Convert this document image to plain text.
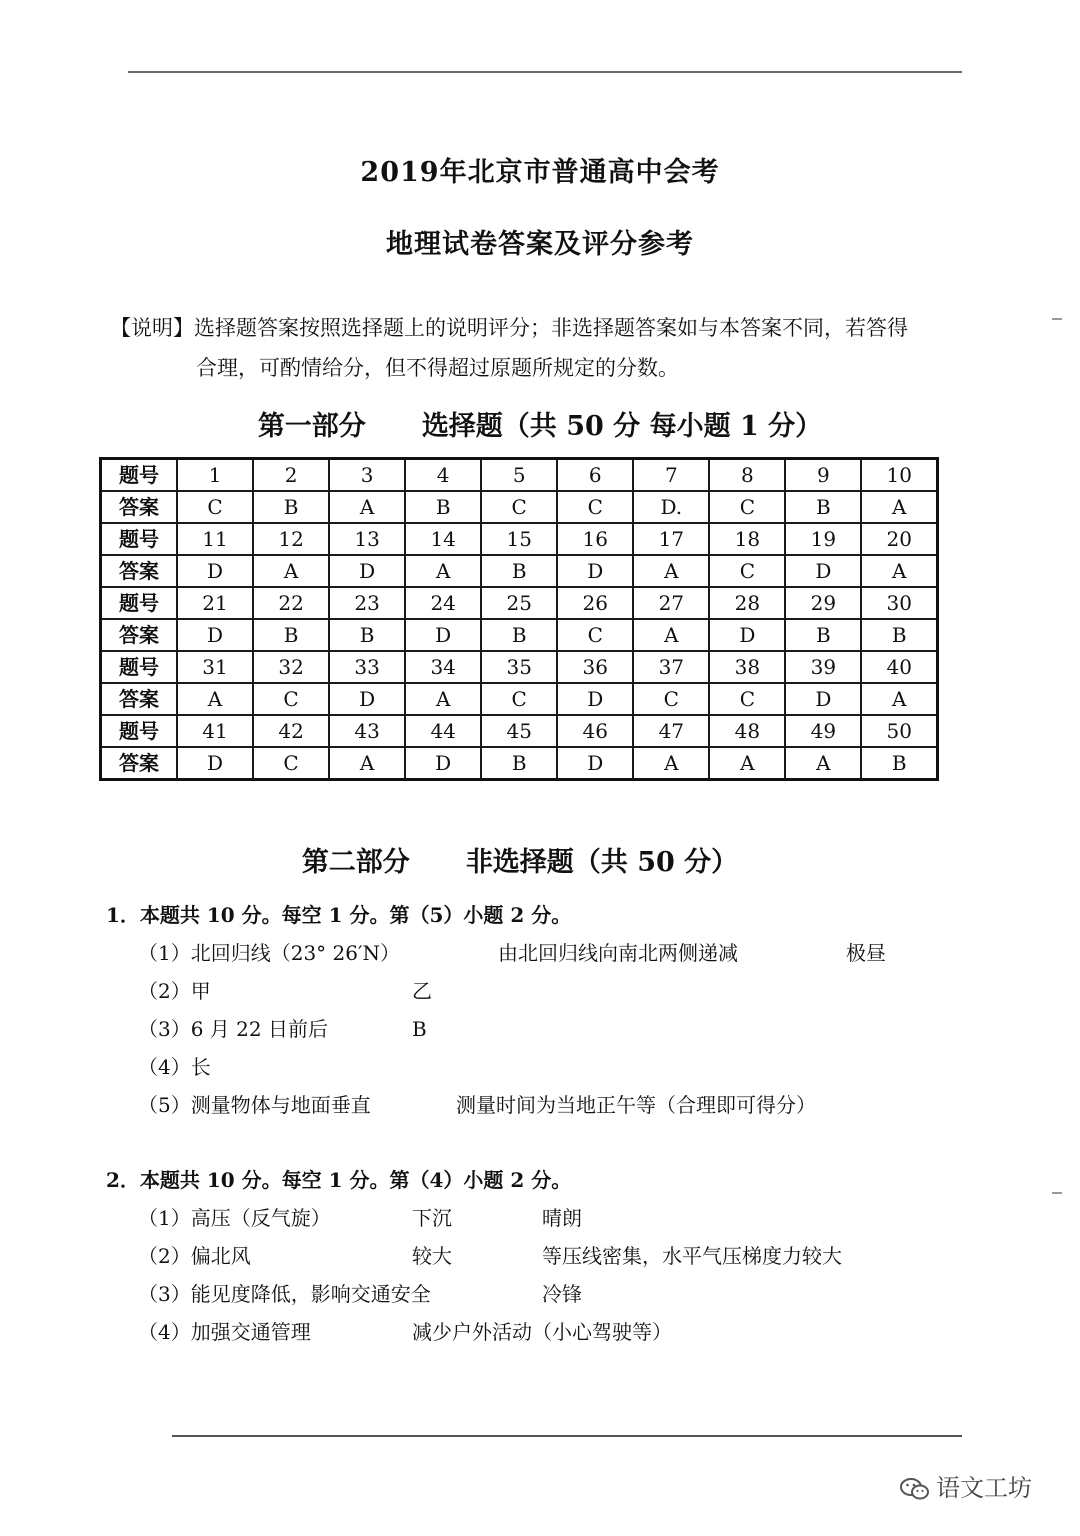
2019年北京市普通高中会考
地理试卷答案及评分参考
【说明】选择题答案按照选择题上的说明评分；非选择题答案如与本答案不同，若答得
合理，可酌情给分，但不得超过原题所规定的分数。
第一部分 选择题（共 50 分 每小题 1 分）
题号	1	2	3	4	5	6	7	8	9	10
答案	C	B	A	B	C	C	D.	C	B	A
题号	11	12	13	14	15	16	17	18	19	20
答案	D	A	D	A	B	D	A	C	D	A
题号	21	22	23	24	25	26	27	28	29	30
答案	D	B	B	D	B	C	A	D	B	B
题号	31	32	33	34	35	36	37	38	39	40
答案	A	C	D	A	C	D	C	C	D	A
题号	41	42	43	44	45	46	47	48	49	50
答案	D	C	A	D	B	D	A	A	A	B
第二部分 非选择题（共 50 分）
1．本题共 10 分。每空 1 分。第（5）小题 2 分。
（1）北回归线（23° 26′N）	由北回归线向南北两侧递减	极昼
（2）甲	乙
（3）6 月 22 日前后	B
（4）长
（5）测量物体与地面垂直	测量时间为当地正午等（合理即可得分）
2．本题共 10 分。每空 1 分。第（4）小题 2 分。
（1）高压（反气旋）	下沉	晴朗
（2）偏北风	较大	等压线密集，水平气压梯度力较大
（3）能见度降低，影响交通安全	冷锋
（4）加强交通管理	减少户外活动（小心驾驶等）
语文工坊
